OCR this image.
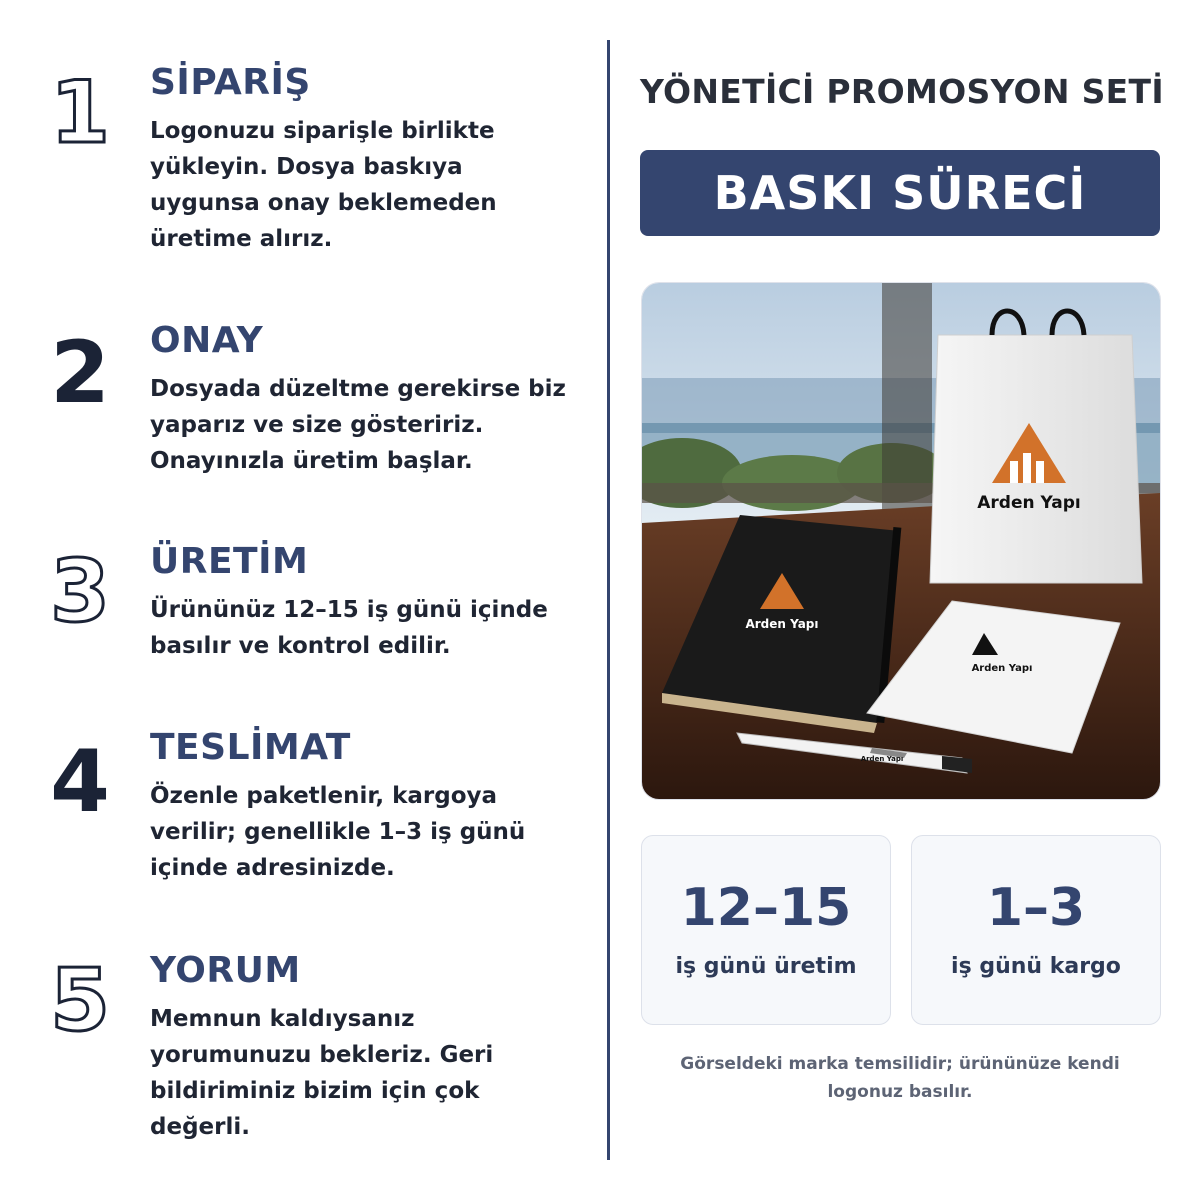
1 SİPARİŞ
Logonuzu siparişle birlikte yükleyin. Dosya baskıya uygunsa onay beklemeden üretime alırız.
2 ONAY
Dosyada düzeltme gerekirse biz yaparız ve size gösteririz. Onayınızla üretim başlar.
3 ÜRETİM
Ürününüz 12–15 iş günü içinde basılır ve kontrol edilir.
4 TESLİMAT
Özenle paketlenir, kargoya verilir; genellikle 1–3 iş günü içinde adresinizde.
5 YORUM
Memnun kaldıysanız yorumunuzu bekleriz. Geri bildiriminiz bizim için çok değerli.
YÖNETİCİ PROMOSYON SETİ
BASKI SÜRECİ
Arden Yapı
Arden Yapı
Arden Yapı
Arden Yapı
12–15
iş günü üretim
1–3
iş günü kargo
Görseldeki marka temsilidir; ürününüze kendi logonuz basılır.
